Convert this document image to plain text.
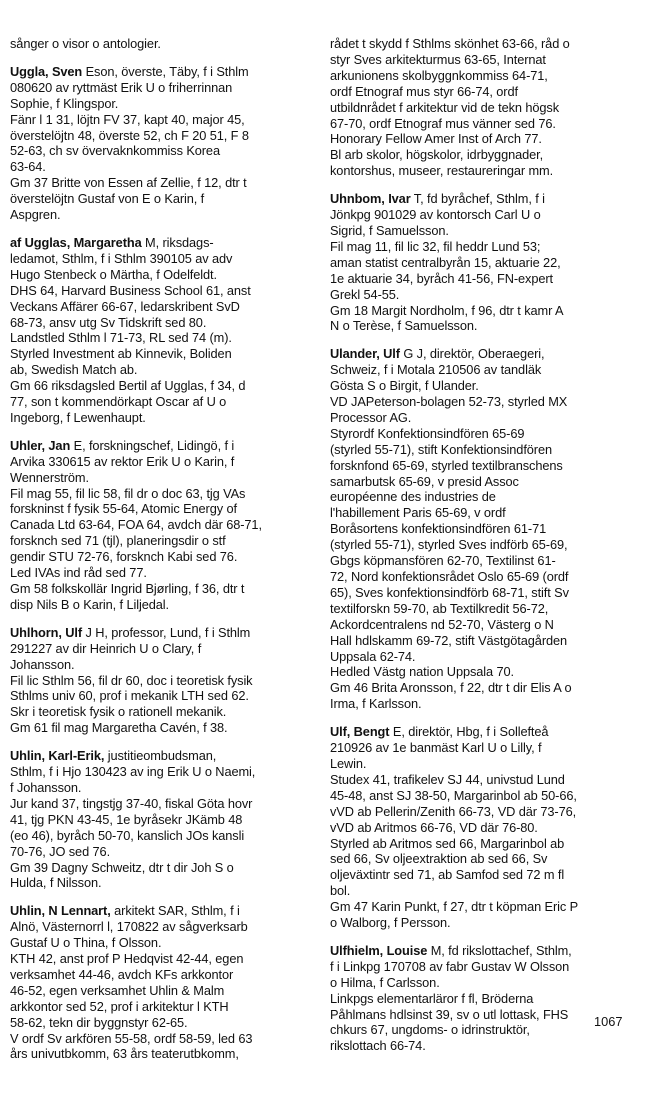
sånger o visor o antologier.
Uggla, Sven Eson, överste, Täby, f i Sthlm
080620 av ryttmäst Erik U o friherrinnan
Sophie, f Klingspor.
Fänr l 1 31, löjtn FV 37, kapt 40, major 45,
överstelöjtn 48, överste 52, ch F 20 51, F 8
52-63, ch sv övervaknkommiss Korea
63-64.
Gm 37 Britte von Essen af Zellie, f 12, dtr t
överstelöjtn Gustaf von E o Karin, f
Aspgren.
af Ugglas, Margaretha M, riksdags-
ledamot, Sthlm, f i Sthlm 390105 av adv
Hugo Stenbeck o Märtha, f Odelfeldt.
DHS 64, Harvard Business School 61, anst
Veckans Affärer 66-67, ledarskribent SvD
68-73, ansv utg Sv Tidskrift sed 80.
Landstled Sthlm l 71-73, RL sed 74 (m).
Styrled Investment ab Kinnevik, Boliden
ab, Swedish Match ab.
Gm 66 riksdagsled Bertil af Ugglas, f 34, d
77, son t kommendörkapt Oscar af U o
Ingeborg, f Lewenhaupt.
Uhler, Jan E, forskningschef, Lidingö, f i
Arvika 330615 av rektor Erik U o Karin, f
Wennerström.
Fil mag 55, fil lic 58, fil dr o doc 63, tjg VAs
forskninst f fysik 55-64, Atomic Energy of
Canada Ltd 63-64, FOA 64, avdch där 68-71,
forsknch sed 71 (tjl), planeringsdir o stf
gendir STU 72-76, forsknch Kabi sed 76.
Led IVAs ind råd sed 77.
Gm 58 folkskollär Ingrid Bjørling, f 36, dtr t
disp Nils B o Karin, f Liljedal.
Uhlhorn, Ulf J H, professor, Lund, f i Sthlm
291227 av dir Heinrich U o Clary, f
Johansson.
Fil lic Sthlm 56, fil dr 60, doc i teoretisk fysik
Sthlms univ 60, prof i mekanik LTH sed 62.
Skr i teoretisk fysik o rationell mekanik.
Gm 61 fil mag Margaretha Cavén, f 38.
Uhlin, Karl-Erik, justitieombudsman,
Sthlm, f i Hjo 130423 av ing Erik U o Naemi,
f Johansson.
Jur kand 37, tingstjg 37-40, fiskal Göta hovr
41, tjg PKN 43-45, 1e byråsekr JKämb 48
(eo 46), byråch 50-70, kanslich JOs kansli
70-76, JO sed 76.
Gm 39 Dagny Schweitz, dtr t dir Joh S o
Hulda, f Nilsson.
Uhlin, N Lennart, arkitekt SAR, Sthlm, f i
Alnö, Västernorrl l, 170822 av sågverksarb
Gustaf U o Thina, f Olsson.
KTH 42, anst prof P Hedqvist 42-44, egen
verksamhet 44-46, avdch KFs arkkontor
46-52, egen verksamhet Uhlin & Malm
arkkontor sed 52, prof i arkitektur l KTH
58-62, tekn dir byggnstyr 62-65.
V ordf Sv arkfören 55-58, ordf 58-59, led 63
års univutbkomm, 63 års teaterutbkomm,
rådet t skydd f Sthlms skönhet 63-66, råd o
styr Sves arkitekturmus 63-65, Internat
arkunionens skolbyggnkommiss 64-71,
ordf Etnograf mus styr 66-74, ordf
utbildnrådet f arkitektur vid de tekn högsk
67-70, ordf Etnograf mus vänner sed 76.
Honorary Fellow Amer Inst of Arch 77.
Bl arb skolor, högskolor, idrbyggnader,
kontorshus, museer, restaureringar mm.
Uhnbom, Ivar T, fd byråchef, Sthlm, f i
Jönkpg 901029 av kontorsch Carl U o
Sigrid, f Samuelsson.
Fil mag 11, fil lic 32, fil heddr Lund 53;
aman statist centralbyrån 15, aktuarie 22,
1e aktuarie 34, byråch 41-56, FN-expert
Grekl 54-55.
Gm 18 Margit Nordholm, f 96, dtr t kamr A
N o Terèse, f Samuelsson.
Ulander, Ulf G J, direktör, Oberaegeri,
Schweiz, f i Motala 210506 av tandläk
Gösta S o Birgit, f Ulander.
VD JAPeterson-bolagen 52-73, styrled MX
Processor AG.
Styrordf Konfektionsindfören 65-69
(styrled 55-71), stift Konfektionsindfören
forsknfond 65-69, styrled textilbranschens
samarbutsk 65-69, v presid Assoc
européenne des industries de
l'habillement Paris 65-69, v ordf
Boråsortens konfektionsindfören 61-71
(styrled 55-71), styrled Sves indförb 65-69,
Gbgs köpmansfören 62-70, Textilinst 61-
72, Nord konfektionsrådet Oslo 65-69 (ordf
65), Sves konfektionsindförb 68-71, stift Sv
textilforskn 59-70, ab Textilkredit 56-72,
Ackordcentralens nd 52-70, Västerg o N
Hall hdlskamm 69-72, stift Västgötagården
Uppsala 62-74.
Hedled Västg nation Uppsala 70.
Gm 46 Brita Aronsson, f 22, dtr t dir Elis A o
Irma, f Karlsson.
Ulf, Bengt E, direktör, Hbg, f i Sollefteå
210926 av 1e banmäst Karl U o Lilly, f
Lewin.
Studex 41, trafikelev SJ 44, univstud Lund
45-48, anst SJ 38-50, Margarinbol ab 50-66,
vVD ab Pellerin/Zenith 66-73, VD där 73-76,
vVD ab Aritmos 66-76, VD där 76-80.
Styrled ab Aritmos sed 66, Margarinbol ab
sed 66, Sv oljeextraktion ab sed 66, Sv
oljeväxtintr sed 71, ab Samfod sed 72 m fl
bol.
Gm 47 Karin Punkt, f 27, dtr t köpman Eric P
o Walborg, f Persson.
Ulfhielm, Louise M, fd rikslottachef, Sthlm,
f i Linkpg 170708 av fabr Gustav W Olsson
o Hilma, f Carlsson.
Linkpgs elementarläror f fl, Bröderna
Påhlmans hdlsinst 39, sv o utl lottask, FHS
chkurs 67, ungdoms- o idrinstruktör,
rikslottach 66-74.
1067
